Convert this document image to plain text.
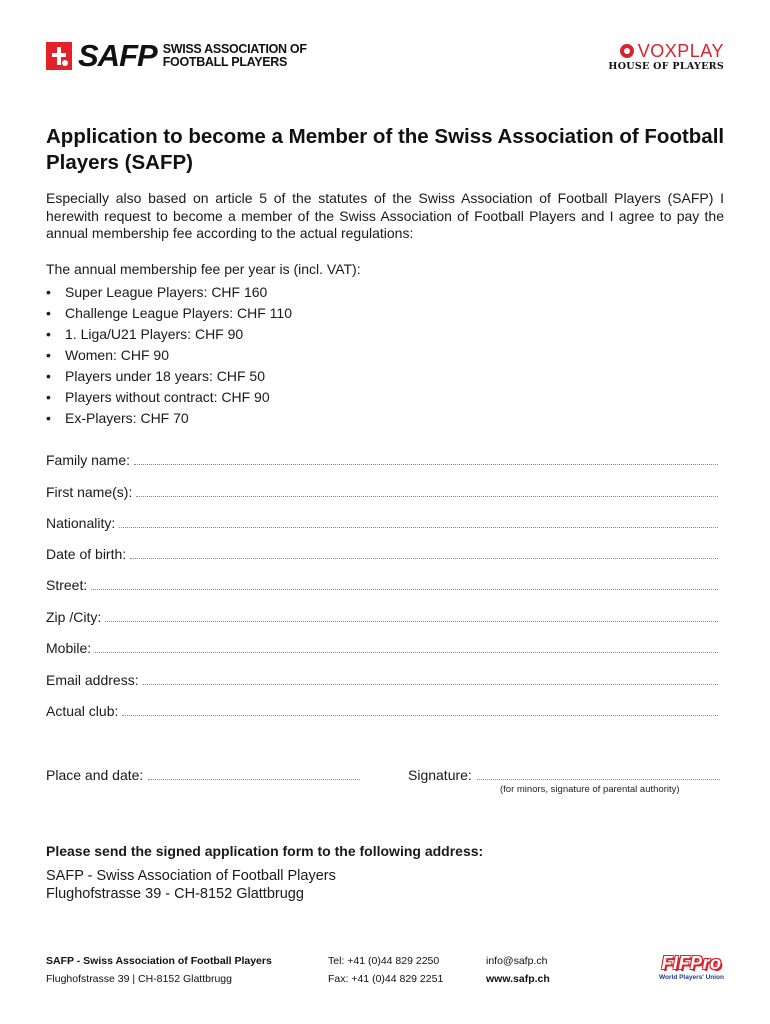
SAFP SWISS ASSOCIATION OF
FOOTBALL PLAYERS
VOXPLAY
HOUSE OF PLAYERS
Application to become a Member of the Swiss Association of Football Players (SAFP)
Especially also based on article 5 of the statutes of the Swiss Association of Football Players (SAFP) I herewith request to become a member of the Swiss Association of Football Players and I agree to pay the annual membership fee according to the actual regulations:
The annual membership fee per year is (incl. VAT):
• Super League Players: CHF 160
• Challenge League Players: CHF 110
• 1. Liga/U21 Players: CHF 90
• Women: CHF 90
• Players under 18 years: CHF 50
• Players without contract: CHF 90
• Ex-Players: CHF 70
Family name:
First name(s):
Nationality:
Date of birth:
Street:
Zip /City:
Mobile:
Email address:
Actual club:
Place and date:	Signature:
(for minors, signature of parental authority)
Please send the signed application form to the following address:
SAFP - Swiss Association of Football Players
Flughofstrasse 39 - CH-8152 Glattbrugg
SAFP - Swiss Association of Football Players
Flughofstrasse 39 | CH-8152 Glattbrugg
Tel: +41 (0)44 829 2250
Fax: +41 (0)44 829 2251
info@safp.ch
www.safp.ch
FIFPro
World Players' Union
